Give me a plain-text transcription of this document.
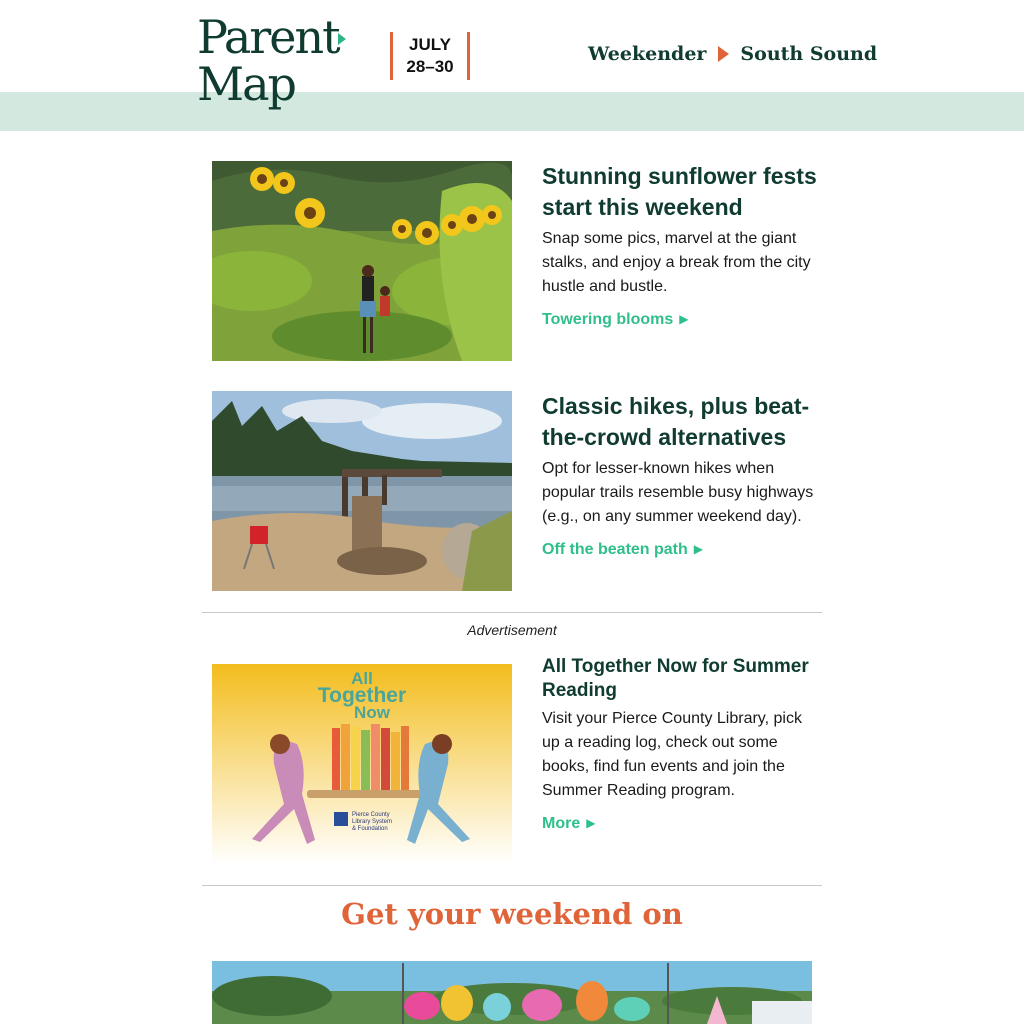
Parent
Map
JULY
28–30
Weekender South Sound
Stunning sunflower fests start this weekend

Snap some pics, marvel at the giant stalks, and enjoy a break from the city hustle and bustle.

Towering blooms ▶
Classic hikes, plus beat-the-crowd alternatives

Opt for lesser-known hikes when popular trails resemble busy highways (e.g., on any summer weekend day).

Off the beaten path ▶
Advertisement
All
Together
Now
Pierce County
Library System
& Foundation
All Together Now for Summer Reading

Visit your Pierce County Library, pick up a reading log, check out some books, find fun events and join the Summer Reading program.

More ▶
Get your weekend on
